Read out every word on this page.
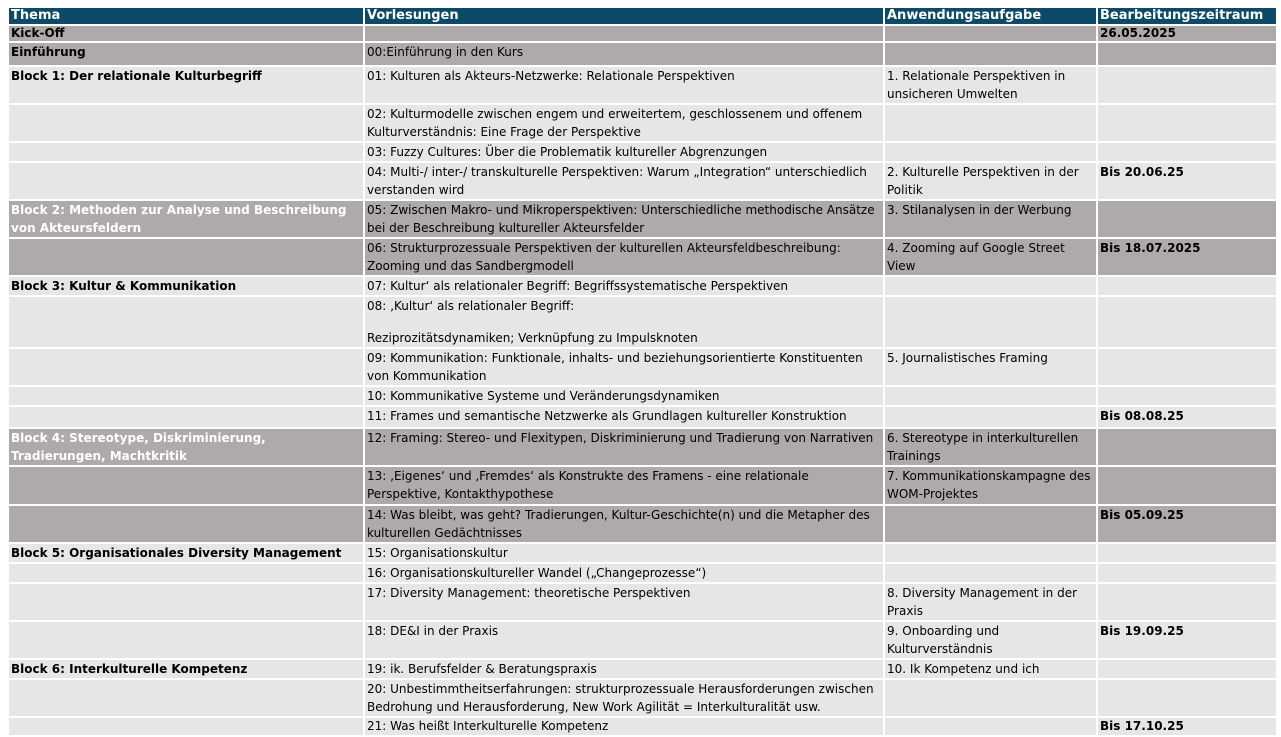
Thema	Vorlesungen	Anwendungsaufgabe	Bearbeitungszeitraum
Kick-Off			26.05.2025
Einführung	00:Einführung in den Kurs		
Block 1: Der relationale Kulturbegriff	01: Kulturen als Akteurs-Netzwerke: Relationale Perspektiven	1. Relationale Perspektiven in unsicheren Umwelten	
	02: Kulturmodelle zwischen engem und erweitertem, geschlossenem und offenem Kulturverständnis: Eine Frage der Perspektive		
	03: Fuzzy Cultures: Über die Problematik kultureller Abgrenzungen		
	04: Multi-/ inter-/ transkulturelle Perspektiven: Warum „Integration“ unterschiedlich verstanden wird	2. Kulturelle Perspektiven in der Politik	Bis 20.06.25
Block 2: Methoden zur Analyse und Beschreibung von Akteursfeldern	05: Zwischen Makro- und Mikroperspektiven: Unterschiedliche methodische Ansätze bei der Beschreibung kultureller Akteursfelder	3. Stilanalysen in der Werbung	
	06: Strukturprozessuale Perspektiven der kulturellen Akteursfeldbeschreibung: Zooming und das Sandbergmodell	4. Zooming auf Google Street View	Bis 18.07.2025
Block 3: Kultur & Kommunikation	07: Kultur‘ als relationaler Begriff: Begriffssystematische Perspektiven		

	08: ‚Kultur‘ als relationaler Begriff:
Reziprozitätsdynamiken; Verknüpfung zu Impulsknoten		

	09: Kommunikation: Funktionale, inhalts- und beziehungsorientierte Konstituenten von Kommunikation	5. Journalistisches Framing	
	10: Kommunikative Systeme und Veränderungsdynamiken		
	11: Frames und semantische Netzwerke als Grundlagen kultureller Konstruktion		Bis 08.08.25
Block 4: Stereotype, Diskriminierung, Tradierungen, Machtkritik	12: Framing: Stereo- und Flexitypen, Diskriminierung und Tradierung von Narrativen	6. Stereotype in interkulturellen Trainings	
	13: ‚Eigenes‘ und ‚Fremdes‘ als Konstrukte des Framens - eine relationale Perspektive, Kontakthypothese	7. Kommunikationskampagne des WOM-Projektes	
	14: Was bleibt, was geht? Tradierungen, Kultur-Geschichte(n) und die Metapher des kulturellen Gedächtnisses		Bis 05.09.25
Block 5: Organisationales Diversity Management	15: Organisationskultur		
	16: Organisationskultureller Wandel („Changeprozesse“)		
	17: Diversity Management: theoretische Perspektiven	8. Diversity Management in der Praxis	
	18: DE&I in der Praxis	9. Onboarding und Kulturverständnis	Bis 19.09.25
Block 6: Interkulturelle Kompetenz	19: ik. Berufsfelder & Beratungspraxis	10. Ik Kompetenz und ich	
	20: Unbestimmtheitserfahrungen: strukturprozessuale Herausforderungen zwischen Bedrohung und Herausforderung, New Work Agilität = Interkulturalität usw.		
	21: Was heißt Interkulturelle Kompetenz		Bis 17.10.25
